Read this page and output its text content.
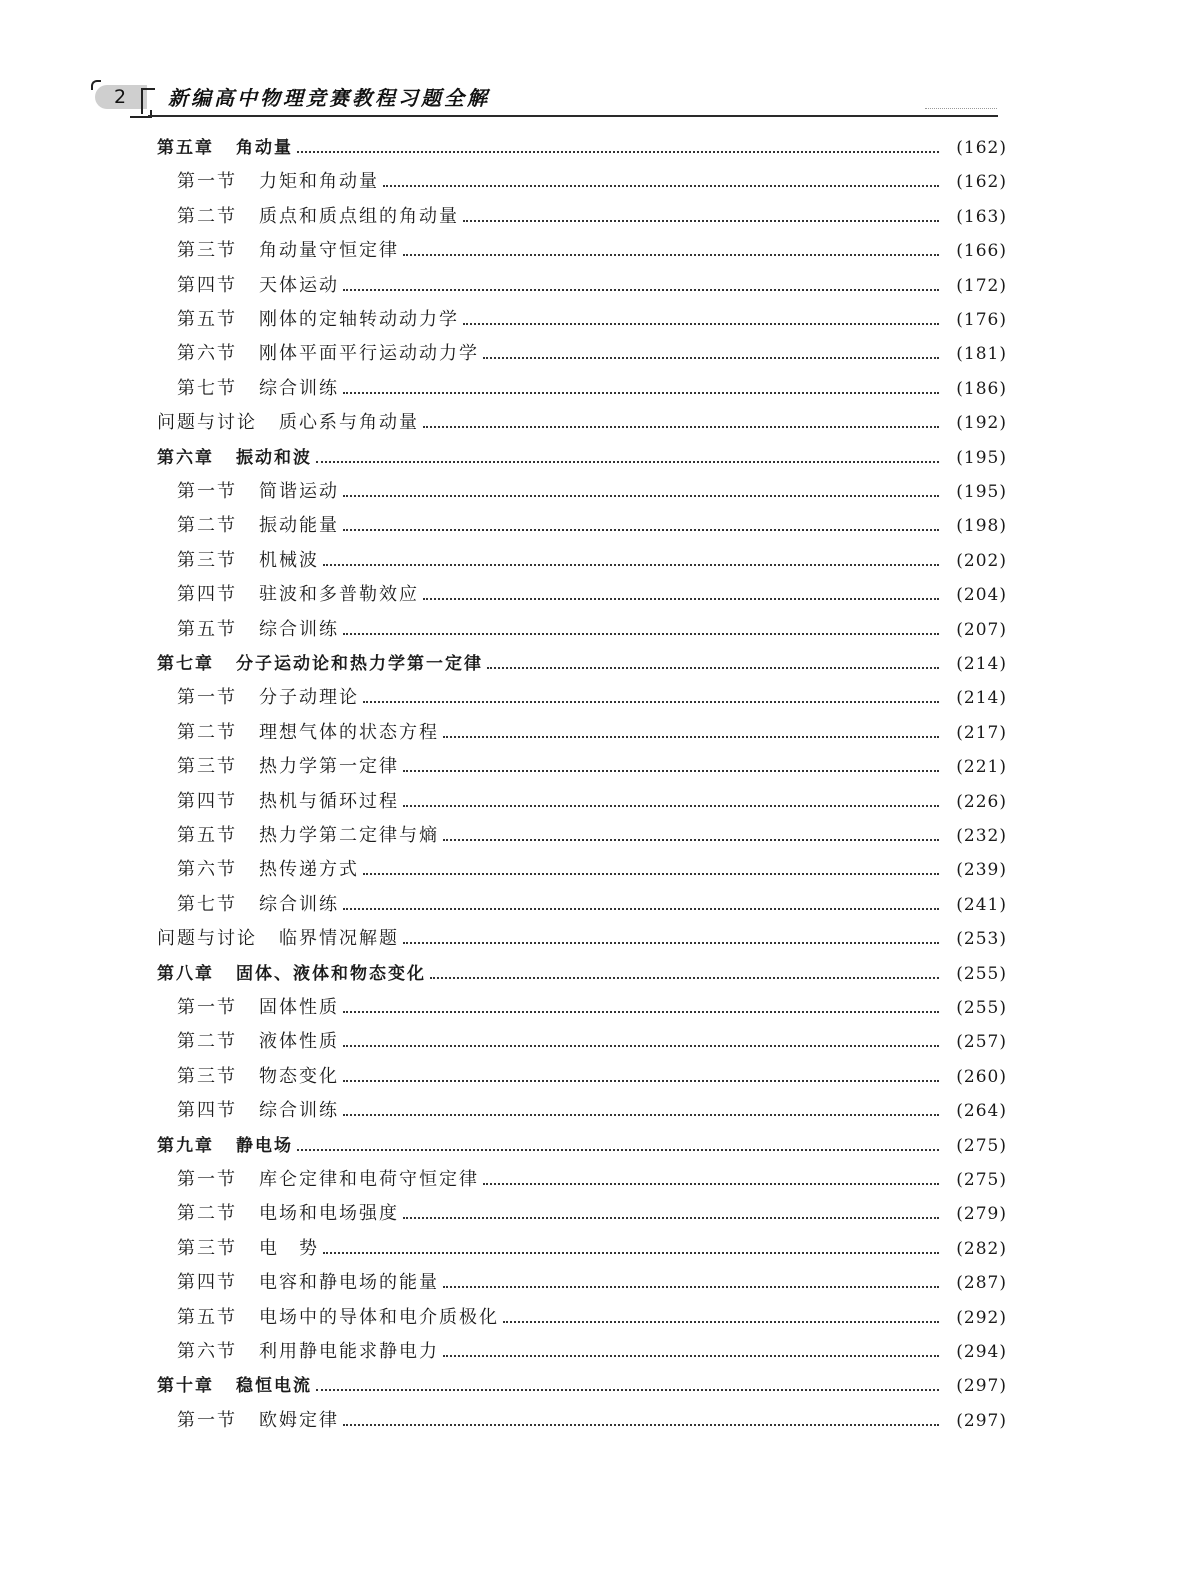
2	新编高中物理竞赛教程习题全解
第五章 角动量	(162)
第一节 力矩和角动量	(162)
第二节 质点和质点组的角动量	(163)
第三节 角动量守恒定律	(166)
第四节 天体运动	(172)
第五节 刚体的定轴转动动力学	(176)
第六节 刚体平面平行运动动力学	(181)
第七节 综合训练	(186)
问题与讨论 质心系与角动量	(192)
第六章 振动和波	(195)
第一节 简谐运动	(195)
第二节 振动能量	(198)
第三节 机械波	(202)
第四节 驻波和多普勒效应	(204)
第五节 综合训练	(207)
第七章 分子运动论和热力学第一定律	(214)
第一节 分子动理论	(214)
第二节 理想气体的状态方程	(217)
第三节 热力学第一定律	(221)
第四节 热机与循环过程	(226)
第五节 热力学第二定律与熵	(232)
第六节 热传递方式	(239)
第七节 综合训练	(241)
问题与讨论 临界情况解题	(253)
第八章 固体、液体和物态变化	(255)
第一节 固体性质	(255)
第二节 液体性质	(257)
第三节 物态变化	(260)
第四节 综合训练	(264)
第九章 静电场	(275)
第一节 库仑定律和电荷守恒定律	(275)
第二节 电场和电场强度	(279)
第三节 电　势	(282)
第四节 电容和静电场的能量	(287)
第五节 电场中的导体和电介质极化	(292)
第六节 利用静电能求静电力	(294)
第十章 稳恒电流	(297)
第一节 欧姆定律	(297)
